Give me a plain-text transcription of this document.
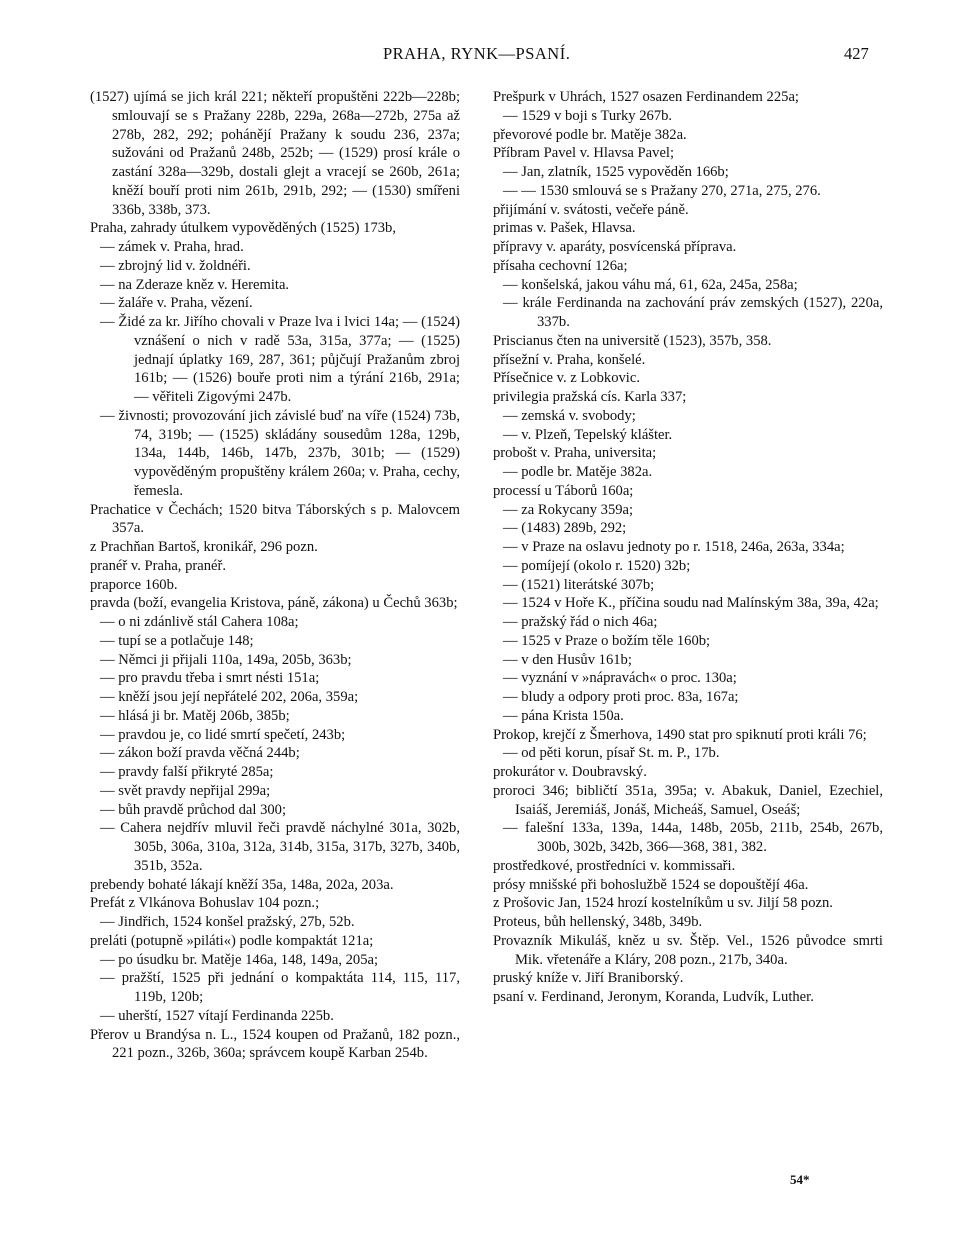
PRAHA, RYNK—PSANÍ.	427
(1527) ujímá se jich král 221; někteří propuštěni 222b—228b; smlouvají se s Pražany 228b, 229a, 268a—272b, 275a až 278b, 282, 292; pohánějí Pražany k soudu 236, 237a; sužováni od Pražanů 248b, 252b; — (1529) prosí krále o zastání 328a—329b, dostali glejt a vracejí se 260b, 261a; kněží bouří proti nim 261b, 291b, 292; — (1530) smířeni 336b, 338b, 373.
Praha, zahrady útulkem vypověděných (1525) 173b,
— zámek v. Praha, hrad.
— zbrojný lid v. žoldnéři.
— na Zderaze kněz v. Heremita.
— žaláře v. Praha, vězení.
— Židé za kr. Jiřího chovali v Praze lva i lvici 14a; — (1524) vznášení o nich v radě 53a, 315a, 377a; — (1525) jednají úplatky 169, 287, 361; půjčují Pražanům zbroj 161b; — (1526) bouře proti nim a týrání 216b, 291a; — věřiteli Zigovými 247b.
— živnosti; provozování jich závislé buď na víře (1524) 73b, 74, 319b; — (1525) skládány sousedům 128a, 129b, 134a, 144b, 146b, 147b, 237b, 301b; — (1529) vypověděným propuštěny králem 260a; v. Praha, cechy, řemesla.
Prachatice v Čechách; 1520 bitva Táborských s p. Malovcem 357a.
z Prachňan Bartoš, kronikář, 296 pozn.
pranéř v. Praha, pranéř.
praporce 160b.
pravda (boží, evangelia Kristova, páně, zákona) u Čechů 363b;
— o ni zdánlivě stál Cahera 108a;
— tupí se a potlačuje 148;
— Němci ji přijali 110a, 149a, 205b, 363b;
— pro pravdu třeba i smrt nésti 151a;
— kněží jsou její nepřátelé 202, 206a, 359a;
— hlásá ji br. Matěj 206b, 385b;
— pravdou je, co lidé smrtí spečetí, 243b;
— zákon boží pravda věčná 244b;
— pravdy falší přikryté 285a;
— svět pravdy nepřijal 299a;
— bůh pravdě průchod dal 300;
— Cahera nejdřív mluvil řeči pravdě náchylné 301a, 302b, 305b, 306a, 310a, 312a, 314b, 315a, 317b, 327b, 340b, 351b, 352a.
prebendy bohaté lákají kněží 35a, 148a, 202a, 203a.
Prefát z Vlkánova Bohuslav 104 pozn.;
— Jindřich, 1524 konšel pražský, 27b, 52b.
preláti (potupně »piláti«) podle kompaktát 121a;
— po úsudku br. Matěje 146a, 148, 149a, 205a;
— pražští, 1525 při jednání o kompaktáta 114, 115, 117, 119b, 120b;
— uherští, 1527 vítají Ferdinanda 225b.
Přerov u Brandýsa n. L., 1524 koupen od Pražanů, 182 pozn., 221 pozn., 326b, 360a; správcem koupě Karban 254b.
Prešpurk v Uhrách, 1527 osazen Ferdinandem 225a;
— 1529 v boji s Turky 267b.
převorové podle br. Matěje 382a.
Příbram Pavel v. Hlavsa Pavel;
— Jan, zlatník, 1525 vypověděn 166b;
— — 1530 smlouvá se s Pražany 270, 271a, 275, 276.
přijímání v. svátosti, večeře páně.
primas v. Pašek, Hlavsa.
přípravy v. aparáty, posvícenská příprava.
přísaha cechovní 126a;
— konšelská, jakou váhu má, 61, 62a, 245a, 258a;
— krále Ferdinanda na zachování práv zemských (1527), 220a, 337b.
Priscianus čten na universitě (1523), 357b, 358.
přísežní v. Praha, konšelé.
Přísečnice v. z Lobkovic.
privilegia pražská cís. Karla 337;
— zemská v. svobody;
— v. Plzeň, Tepelský klášter.
probošt v. Praha, universita;
— podle br. Matěje 382a.
processí u Táborů 160a;
— za Rokycany 359a;
— (1483) 289b, 292;
— v Praze na oslavu jednoty po r. 1518, 246a, 263a, 334a;
— pomíjejí (okolo r. 1520) 32b;
— (1521) literátské 307b;
— 1524 v Hoře K., příčina soudu nad Malínským 38a, 39a, 42a;
— pražský řád o nich 46a;
— 1525 v Praze o božím těle 160b;
— v den Husův 161b;
— vyznání v »nápravách« o proc. 130a;
— bludy a odpory proti proc. 83a, 167a;
— pána Krista 150a.
Prokop, krejčí z Šmerhova, 1490 stat pro spiknutí proti králi 76;
— od pěti korun, písař St. m. P., 17b.
prokurátor v. Doubravský.
proroci 346; bibličtí 351a, 395a; v. Abakuk, Daniel, Ezechiel, Isaiáš, Jeremiáš, Jonáš, Micheáš, Samuel, Oseáš;
— falešní 133a, 139a, 144a, 148b, 205b, 211b, 254b, 267b, 300b, 302b, 342b, 366—368, 381, 382.
prostředkové, prostředníci v. kommissaři.
prósy mnišské při bohoslužbě 1524 se dopouštějí 46a.
z Prošovic Jan, 1524 hrozí kostelníkům u sv. Jiljí 58 pozn.
Proteus, bůh hellenský, 348b, 349b.
Provazník Mikuláš, kněz u sv. Štěp. Vel., 1526 původce smrti Mik. vřetenáře a Kláry, 208 pozn., 217b, 340a.
pruský kníže v. Jiří Braniborský.
psaní v. Ferdinand, Jeronym, Koranda, Ludvík, Luther.
54*
